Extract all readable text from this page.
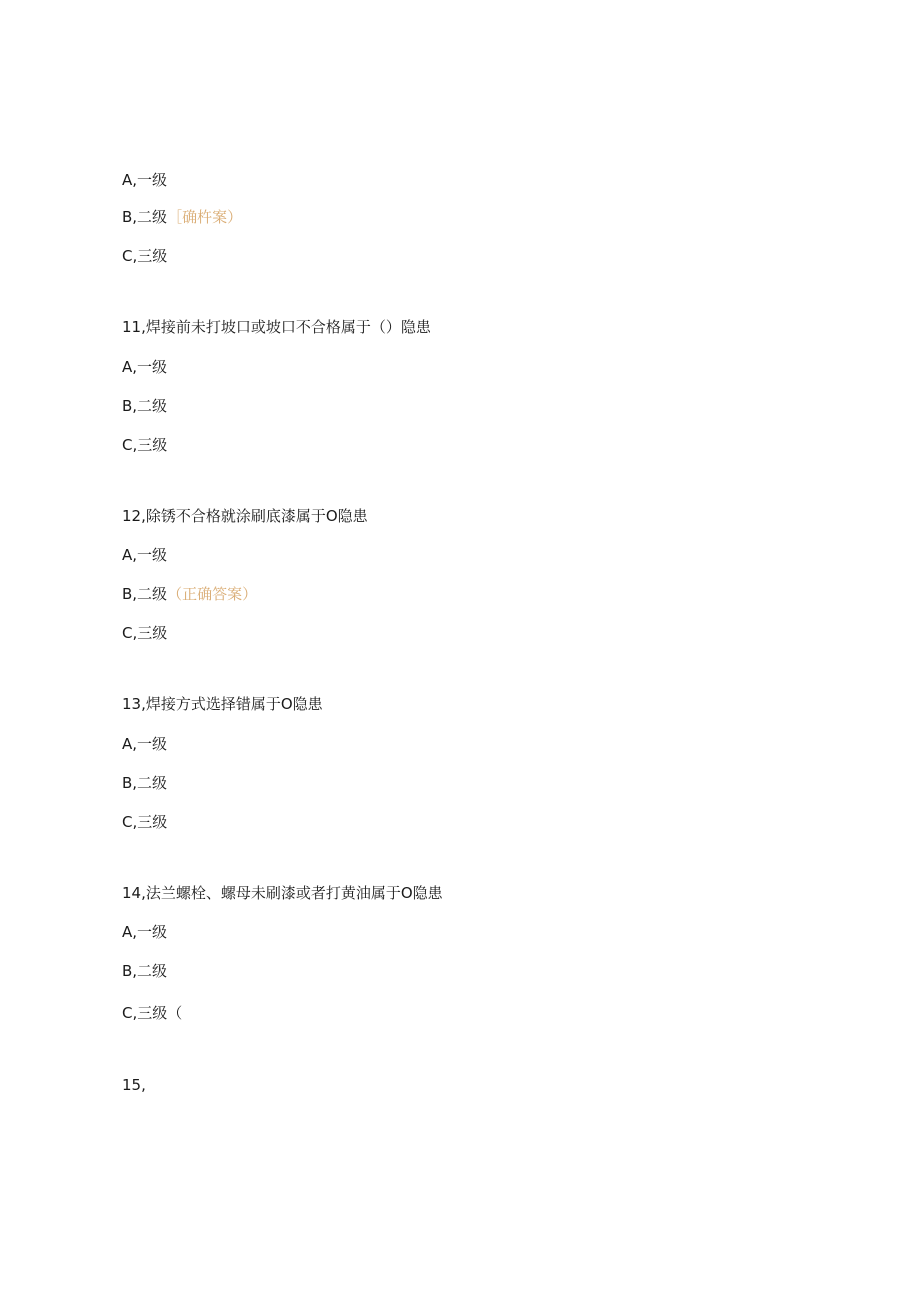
A,一级
B,二级［确杵案）
C,三级
11,焊接前未打坡口或坡口不合格属于（）隐患
A,一级
B,二级
C,三级
12,除锈不合格就涂刷底漆属于O隐患
A,一级
B,二级（正确答案）
C,三级
13,焊接方式选择错属于O隐患
A,一级
B,二级
C,三级
14,法兰螺栓、螺母未刷漆或者打黄油属于O隐患
A,一级
B,二级
C,三级（
15,
